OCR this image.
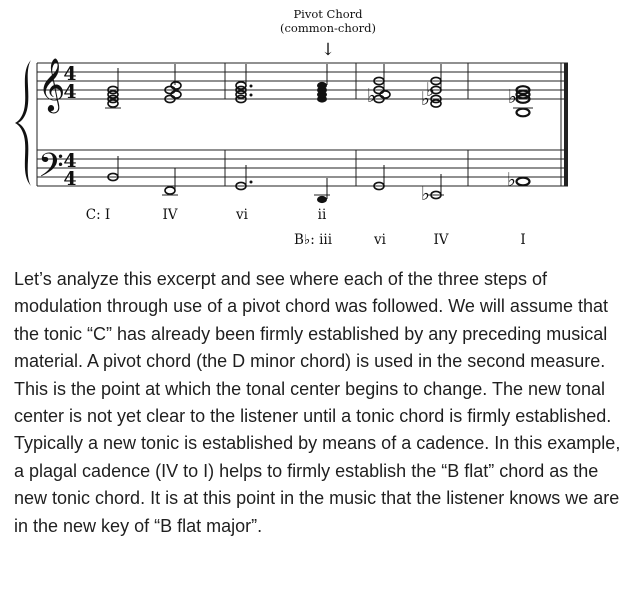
Pivot Chord
(common-chord)
↓
𝄞
𝄢
4
4
4
4
♭ ♭
♭	♭
♭
♭
C: I	IV	vi	ii
B♭: iii	vi	IV	I

Let’s analyze this excerpt and see where each of the three steps of modulation through use of a pivot chord was followed. We will assume that the tonic “C” has already been firmly established by any preceding musical material. A pivot chord (the D minor chord) is used in the second measure. This is the point at which the tonal center begins to change. The new tonal center is not yet clear to the listener until a tonic chord is firmly established. Typically a new tonic is established by means of a cadence. In this example, a plagal cadence (IV to I) helps to firmly establish the “B flat” chord as the new tonic chord. It is at this point in the music that the listener knows we are in the new key of “B flat major”.
